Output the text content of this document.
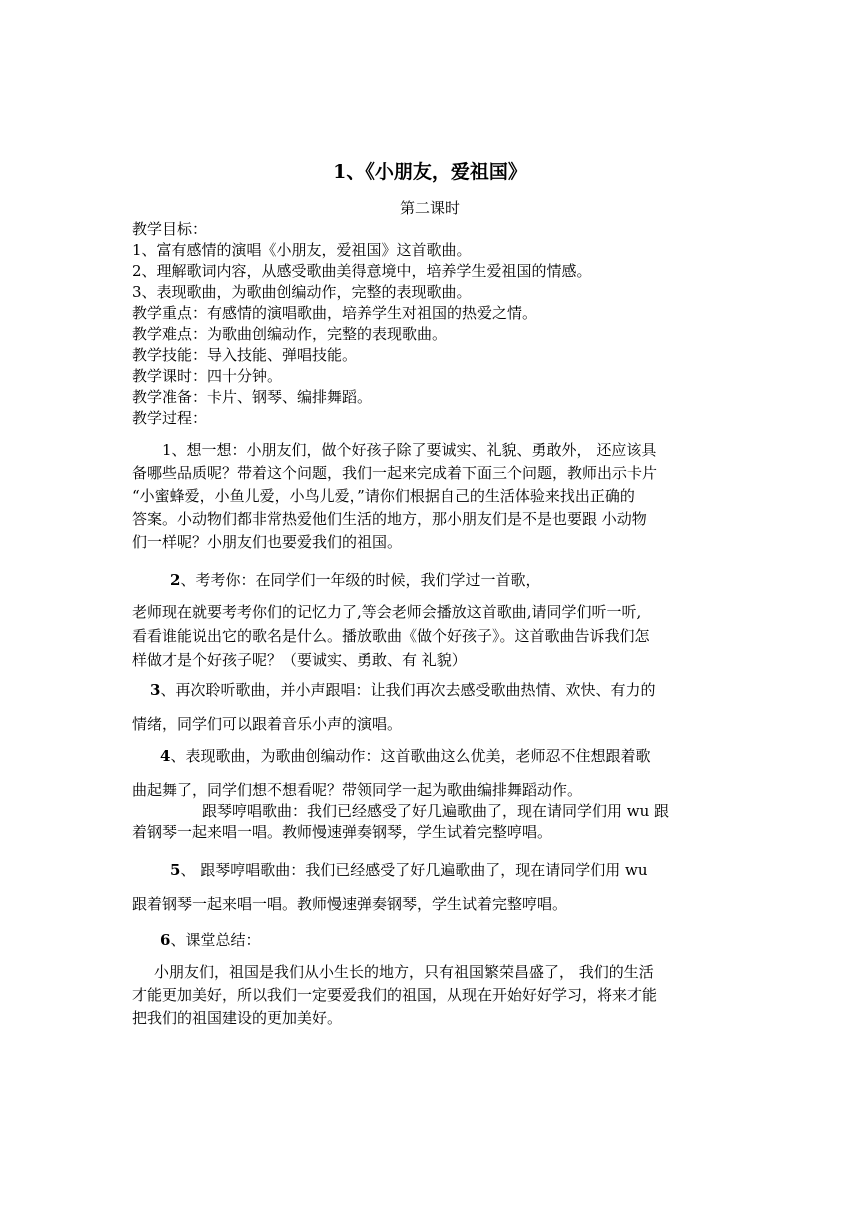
1、《小朋友，爱祖国》
第二课时
教学目标：
1、富有感情的演唱《小朋友，爱祖国》这首歌曲。
2、理解歌词内容，从感受歌曲美得意境中，培养学生爱祖国的情感。
3、表现歌曲，为歌曲创编动作，完整的表现歌曲。
教学重点：有感情的演唱歌曲，培养学生对祖国的热爱之情。
教学难点：为歌曲创编动作，完整的表现歌曲。
教学技能：导入技能、弹唱技能。
教学课时：四十分钟。
教学准备：卡片、钢琴、编排舞蹈。
教学过程：
　　1、想一想：小朋友们，做个好孩子除了要诚实、礼貌、勇敢外， 还应该具
备哪些品质呢？带着这个问题，我们一起来完成着下面三个问题，教师出示卡片
“小蜜蜂爱，小鱼儿爱，小鸟儿爱，”请你们根据自己的生活体验来找出正确的
答案。小动物们都非常热爱他们生活的地方，那小朋友们是不是也要跟 小动物
们一样呢？小朋友们也要爱我们的祖国。
2、考考你：在同学们一年级的时候，我们学过一首歌，
老师现在就要考考你们的记忆力了,等会老师会播放这首歌曲,请同学们听一听,
看看谁能说出它的歌名是什么。播放歌曲《做个好孩子》。这首歌曲告诉我们怎
样做才是个好孩子呢？（要诚实、勇敢、有 礼貌）
3、再次聆听歌曲，并小声跟唱：让我们再次去感受歌曲热情、欢快、有力的
情绪，同学们可以跟着音乐小声的演唱。
4、表现歌曲，为歌曲创编动作：这首歌曲这么优美，老师忍不住想跟着歌
曲起舞了，同学们想不想看呢？带领同学一起为歌曲编排舞蹈动作。
跟琴哼唱歌曲：我们已经感受了好几遍歌曲了，现在请同学们用 wu 跟
着钢琴一起来唱一唱。教师慢速弹奏钢琴，学生试着完整哼唱。
5、 跟琴哼唱歌曲：我们已经感受了好几遍歌曲了，现在请同学们用 wu
跟着钢琴一起来唱一唱。教师慢速弹奏钢琴，学生试着完整哼唱。
6、课堂总结：
小朋友们，祖国是我们从小生长的地方，只有祖国繁荣昌盛了， 我们的生活
才能更加美好，所以我们一定要爱我们的祖国，从现在开始好好学习，将来才能
把我们的祖国建设的更加美好。
